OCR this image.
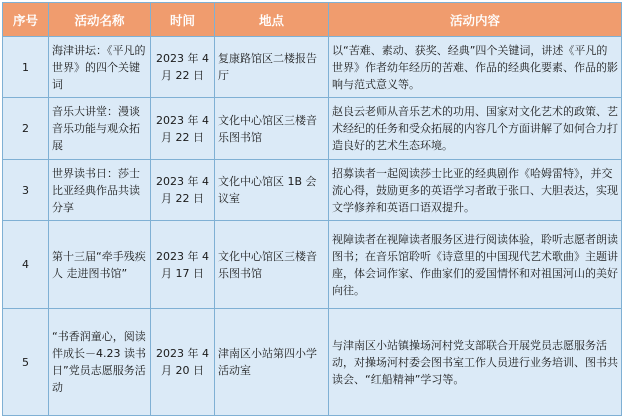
序号	活动名称	时间	地点	活动内容
1	海津讲坛：《平凡的世界》的四个关键词	2023 年 4 月 22 日	复康路馆区二楼报告厅	以“苦难、素动、获奖、经典”四个关键词，讲述《平凡的世界》作者幼年经历的苦难、作品的经典化要素、作品的影响与范式意义等。
2	音乐大讲堂：漫谈音乐功能与观众拓展	2023 年 4 月 22 日	文化中心馆区三楼音乐图书馆	赵良云老师从音乐艺术的功用、国家对文化艺术的政策、艺术经纪的任务和受众拓展的内容几个方面讲解了如何合力打造良好的艺术生态环境。
3	世界读书日：莎士比亚经典作品共读分享	2023 年 4 月 22 日	文化中心馆区 1B 会议室	招募读者一起阅读莎士比亚的经典剧作《哈姆雷特》，并交流心得，鼓励更多的英语学习者敢于张口、大胆表达，实现文学修养和英语口语双提升。
4	第十三届“牵手残疾人 走进图书馆”	2023 年 4 月 17 日	文化中心馆区三楼音乐图书馆	视障读者在视障读者服务区进行阅读体验，聆听志愿者朗读图书；在音乐馆聆听《诗意里的中国现代艺术歌曲》主题讲座，体会词作家、作曲家们的爱国情怀和对祖国河山的美好向往。
5	“书香润童心，阅读伴成长－4.23 读书日”党员志愿服务活动	2023 年 4 月 20 日	津南区小站第四小学活动室	与津南区小站镇操场河村党支部联合开展党员志愿服务活动，对操场河村委会图书室工作人员进行业务培训、图书共读会、“红船精神”学习等。
